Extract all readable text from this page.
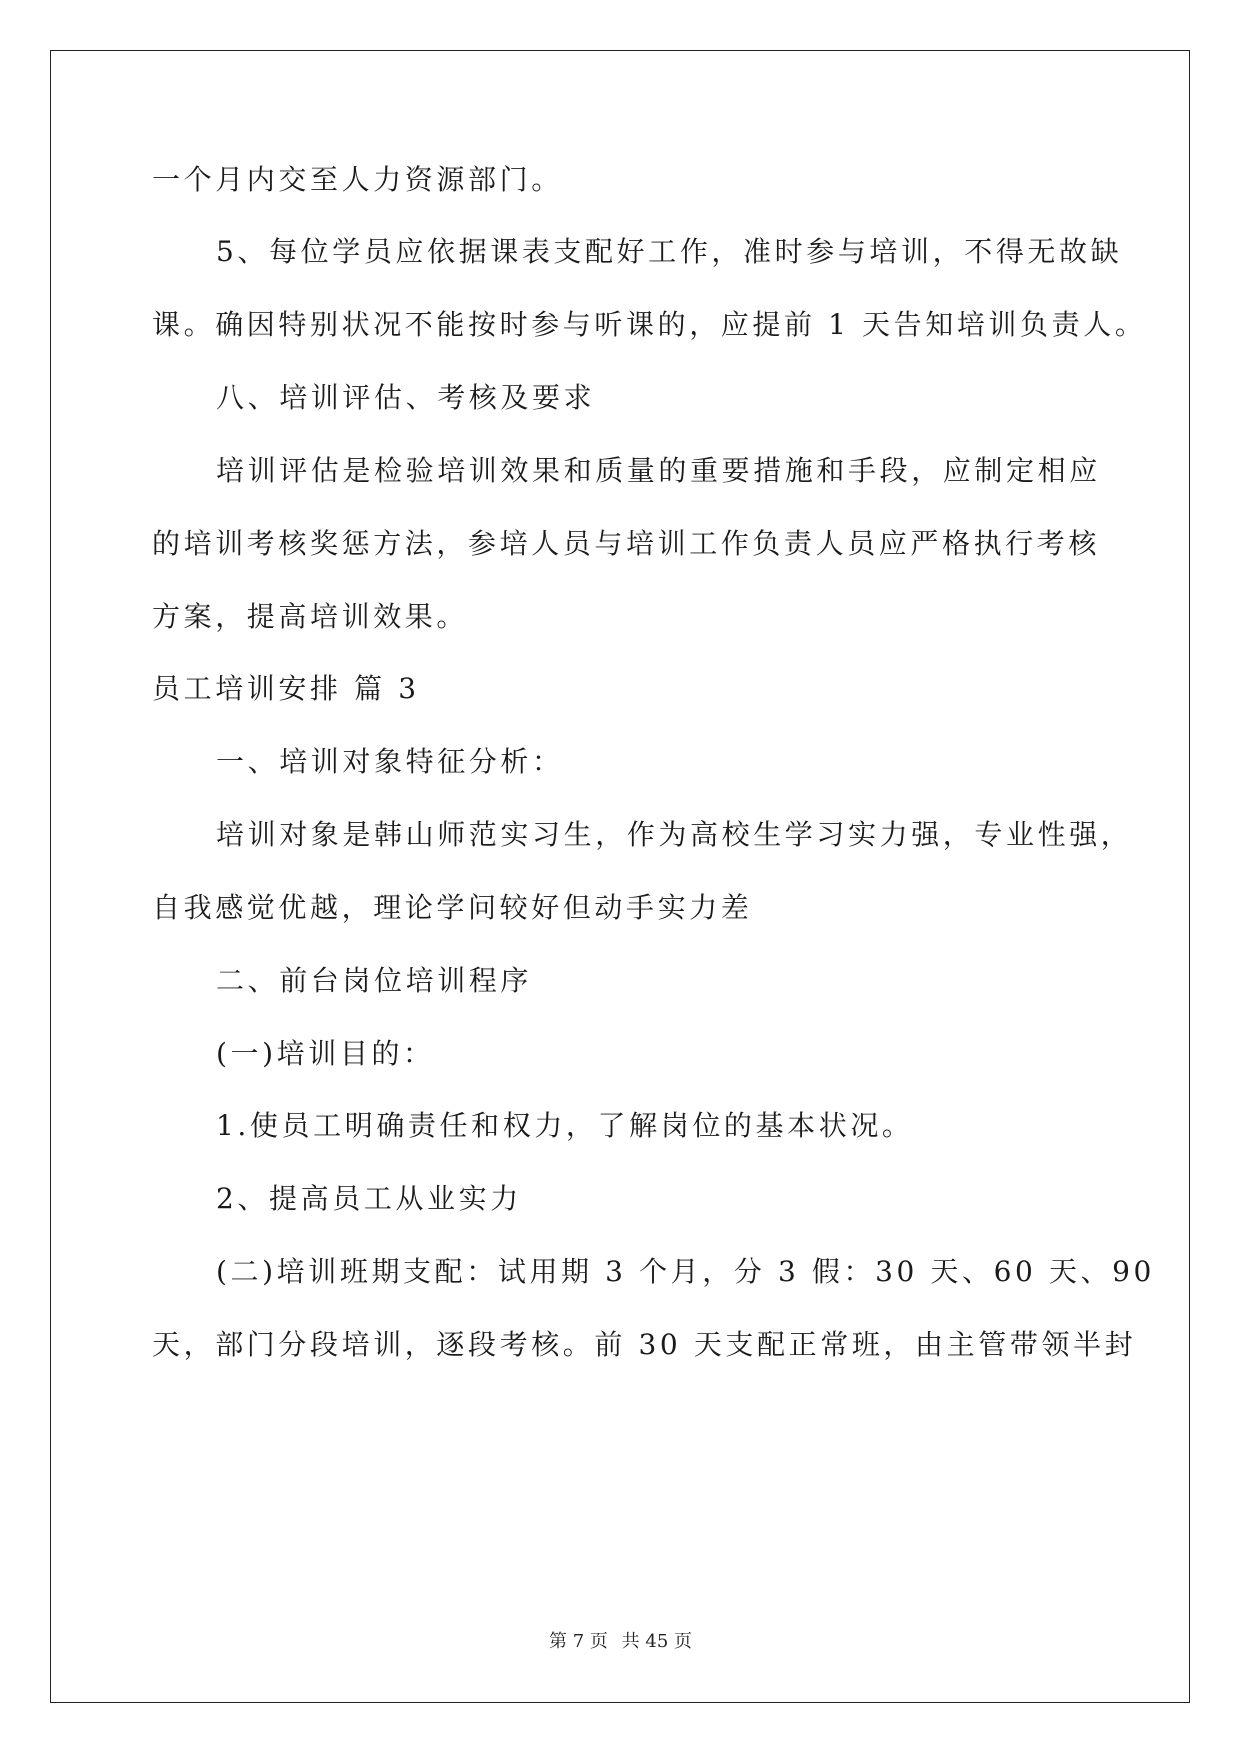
一个月内交至人力资源部门。
5、每位学员应依据课表支配好工作，准时参与培训，不得无故缺
课。确因特别状况不能按时参与听课的，应提前 1 天告知培训负责人。
八、培训评估、考核及要求
培训评估是检验培训效果和质量的重要措施和手段，应制定相应
的培训考核奖惩方法，参培人员与培训工作负责人员应严格执行考核
方案，提高培训效果。
员工培训安排 篇 3
一、培训对象特征分析：
培训对象是韩山师范实习生，作为高校生学习实力强，专业性强，
自我感觉优越，理论学问较好但动手实力差
二、前台岗位培训程序
(一)培训目的：
1.使员工明确责任和权力，了解岗位的基本状况。
2、提高员工从业实力
(二)培训班期支配：试用期 3 个月，分 3 假：30 天、60 天、90
天，部门分段培训，逐段考核。前 30 天支配正常班，由主管带领半封
第 7 页 共 45 页
